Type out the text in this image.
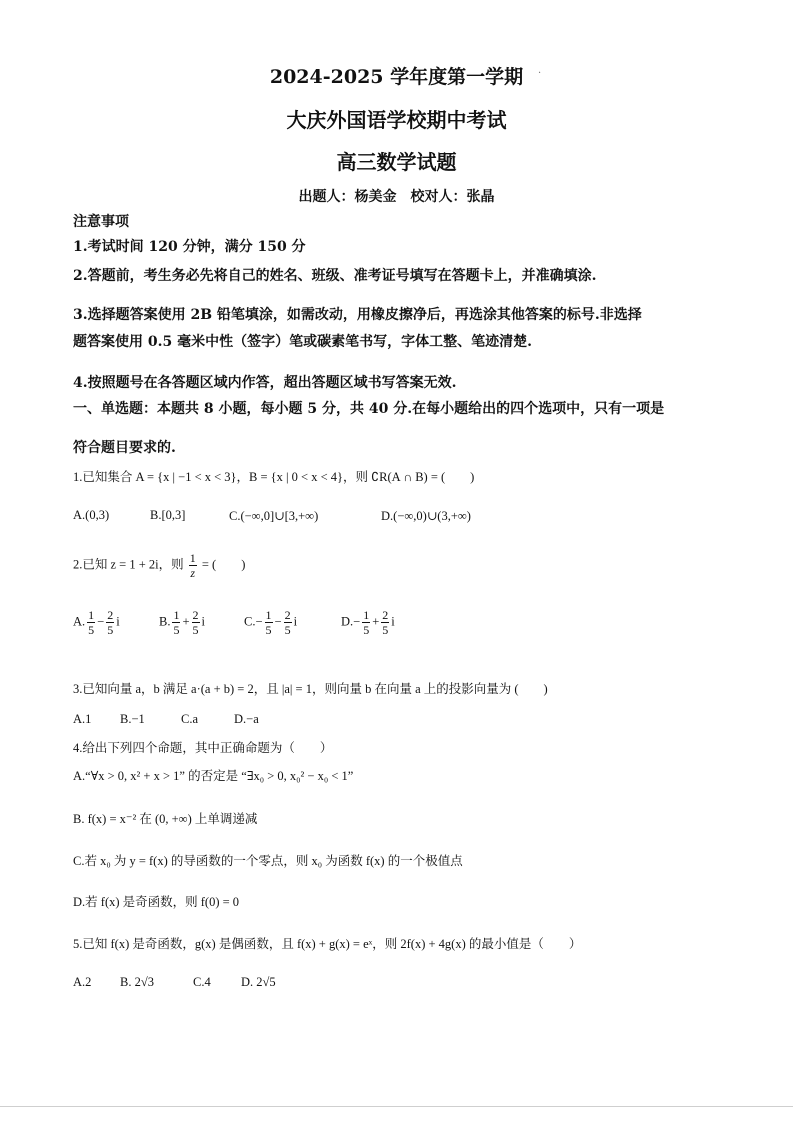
·
2024-2025 学年度第一学期
大庆外国语学校期中考试
高三数学试题
出题人：杨美金　校对人：张晶
注意事项
1.考试时间 120 分钟，满分 150 分
2.答题前，考生务必先将自己的姓名、班级、准考证号填写在答题卡上，并准确填涂.
3.选择题答案使用 2B 铅笔填涂，如需改动，用橡皮擦净后，再选涂其他答案的标号.非选择
题答案使用 0.5 毫米中性（签字）笔或碳素笔书写，字体工整、笔迹清楚.
4.按照题号在各答题区域内作答，超出答题区域书写答案无效.
一、单选题：本题共 8 小题，每小题 5 分，共 40 分.在每小题给出的四个选项中，只有一项是
符合题目要求的.
1.已知集合 A = {x | −1 < x < 3}，B = {x | 0 < x < 4}，则 ∁R(A ∩ B) = (　　)
A.(0,3)	B.[0,3]	C.(−∞,0]∪[3,+∞)	D.(−∞,0)∪(3,+∞)
2.已知 z = 1 + 2i，则 $\frac{1}{z}$ = (　　)
A. $\frac{1}{5} - \frac{2}{5}$ i	B. $\frac{1}{5} + \frac{2}{5}$ i	$C.- \frac{1}{5} - \frac{2}{5}$ i	$D.- \frac{1}{5} + \frac{2}{5}$ i
3.已知向量 a，b 满足 a·(a + b) = 2，且 |a| = 1，则向量 b 在向量 a 上的投影向量为 (　　)
A.1 B.−1	C.a	D.−a
4.给出下列四个命题，其中正确命题为（　　）
A.“∀x > 0, x² + x > 1” 的否定是 “∃x₀ > 0, x₀² − x₀ < 1”
B. f(x) = x⁻² 在 (0, +∞) 上单调递减
C.若 x₀ 为 y = f(x) 的导函数的一个零点，则 x₀ 为函数 f(x) 的一个极值点
D.若 f(x) 是奇函数，则 f(0) = 0
5.已知 f(x) 是奇函数，g(x) 是偶函数，且 f(x) + g(x) = eˣ，则 2f(x) + 4g(x) 的最小值是（　　）
A.2 B. 2√3	C.4 D. 2√5
